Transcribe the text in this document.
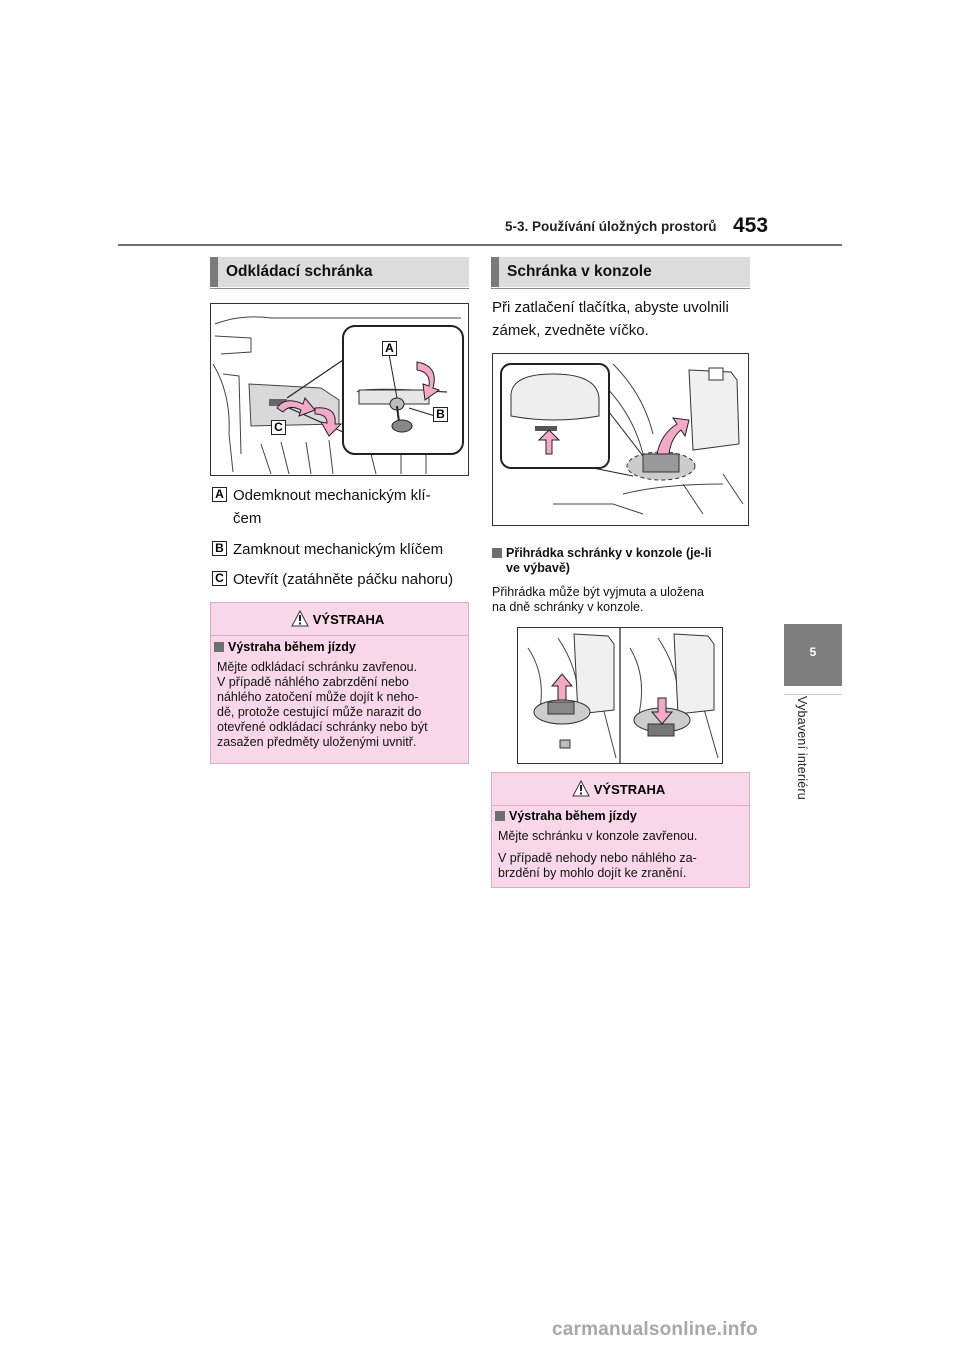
5-3. Používání úložných prostorů 453
5
Vybavení interiéru
Odkládací schránka
A
B
C
A Odemknout mechanickým klí-
čem
B Zamknout mechanickým klíčem
C Otevřít (zatáhněte páčku nahoru)
VÝSTRAHA
Výstraha během jízdy
Mějte odkládací schránku zavřenou.
V případě náhlého zabrzdění nebo
náhlého zatočení může dojít k neho-
dě, protože cestující může narazit do
otevřené odkládací schránky nebo být
zasažen předměty uloženými uvnitř.
Schránka v konzole
Při zatlačení tlačítka, abyste uvolnili
zámek, zvedněte víčko.
Přihrádka schránky v konzole (je-li
ve výbavě)
Přihrádka může být vyjmuta a uložena
na dně schránky v konzole.
VÝSTRAHA
Výstraha během jízdy
Mějte schránku v konzole zavřenou.
V případě nehody nebo náhlého za-
brzdění by mohlo dojít ke zranění.
carmanualsonline.info
